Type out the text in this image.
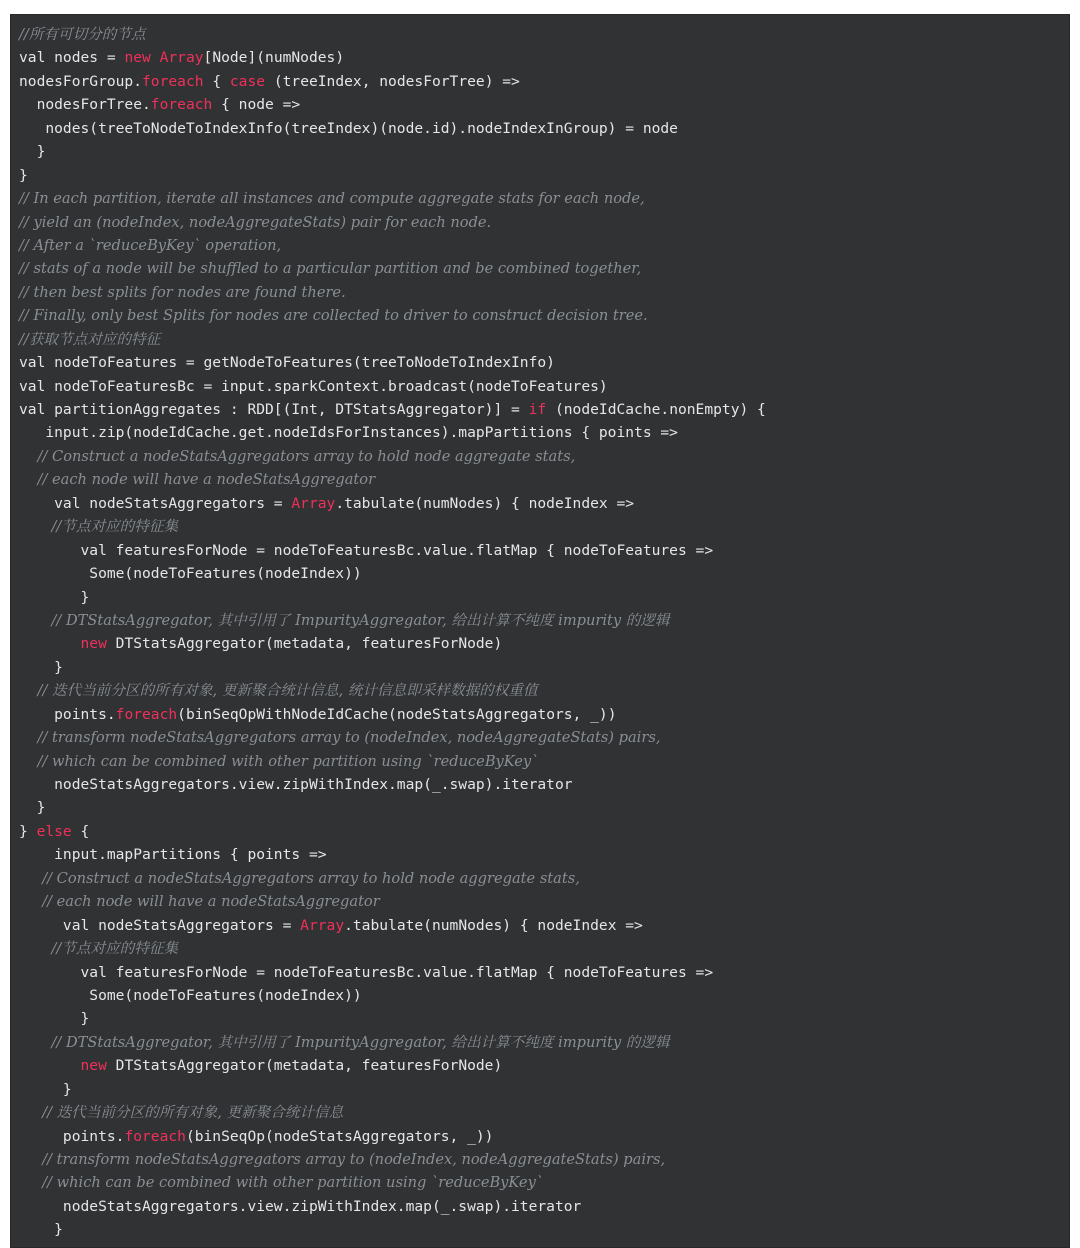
//所有可切分的节点
val nodes = new Array[Node](numNodes)
nodesForGroup.foreach { case (treeIndex, nodesForTree) =>
nodesForTree.foreach { node =>
nodes(treeToNodeToIndexInfo(treeIndex)(node.id).nodeIndexInGroup) = node
}
}
// In each partition, iterate all instances and compute aggregate stats for each node,
// yield an (nodeIndex, nodeAggregateStats) pair for each node.
// After a `reduceByKey` operation,
// stats of a node will be shuffled to a particular partition and be combined together,
// then best splits for nodes are found there.
// Finally, only best Splits for nodes are collected to driver to construct decision tree.
//获取节点对应的特征
val nodeToFeatures = getNodeToFeatures(treeToNodeToIndexInfo)
val nodeToFeaturesBc = input.sparkContext.broadcast(nodeToFeatures)
val partitionAggregates : RDD[(Int, DTStatsAggregator)] = if (nodeIdCache.nonEmpty) {
input.zip(nodeIdCache.get.nodeIdsForInstances).mapPartitions { points =>
// Construct a nodeStatsAggregators array to hold node aggregate stats,
// each node will have a nodeStatsAggregator
val nodeStatsAggregators = Array.tabulate(numNodes) { nodeIndex =>
//节点对应的特征集
val featuresForNode = nodeToFeaturesBc.value.flatMap { nodeToFeatures =>
Some(nodeToFeatures(nodeIndex))
}
// DTStatsAggregator, 其中引用了 ImpurityAggregator, 给出计算不纯度 impurity 的逻辑
new DTStatsAggregator(metadata, featuresForNode)
}
// 迭代当前分区的所有对象, 更新聚合统计信息, 统计信息即采样数据的权重值
points.foreach(binSeqOpWithNodeIdCache(nodeStatsAggregators, _))
// transform nodeStatsAggregators array to (nodeIndex, nodeAggregateStats) pairs,
// which can be combined with other partition using `reduceByKey`
nodeStatsAggregators.view.zipWithIndex.map(_.swap).iterator
}
} else {
input.mapPartitions { points =>
// Construct a nodeStatsAggregators array to hold node aggregate stats,
// each node will have a nodeStatsAggregator
val nodeStatsAggregators = Array.tabulate(numNodes) { nodeIndex =>
//节点对应的特征集
val featuresForNode = nodeToFeaturesBc.value.flatMap { nodeToFeatures =>
Some(nodeToFeatures(nodeIndex))
}
// DTStatsAggregator, 其中引用了 ImpurityAggregator, 给出计算不纯度 impurity 的逻辑
new DTStatsAggregator(metadata, featuresForNode)
}
// 迭代当前分区的所有对象, 更新聚合统计信息
points.foreach(binSeqOp(nodeStatsAggregators, _))
// transform nodeStatsAggregators array to (nodeIndex, nodeAggregateStats) pairs,
// which can be combined with other partition using `reduceByKey`
nodeStatsAggregators.view.zipWithIndex.map(_.swap).iterator
}
